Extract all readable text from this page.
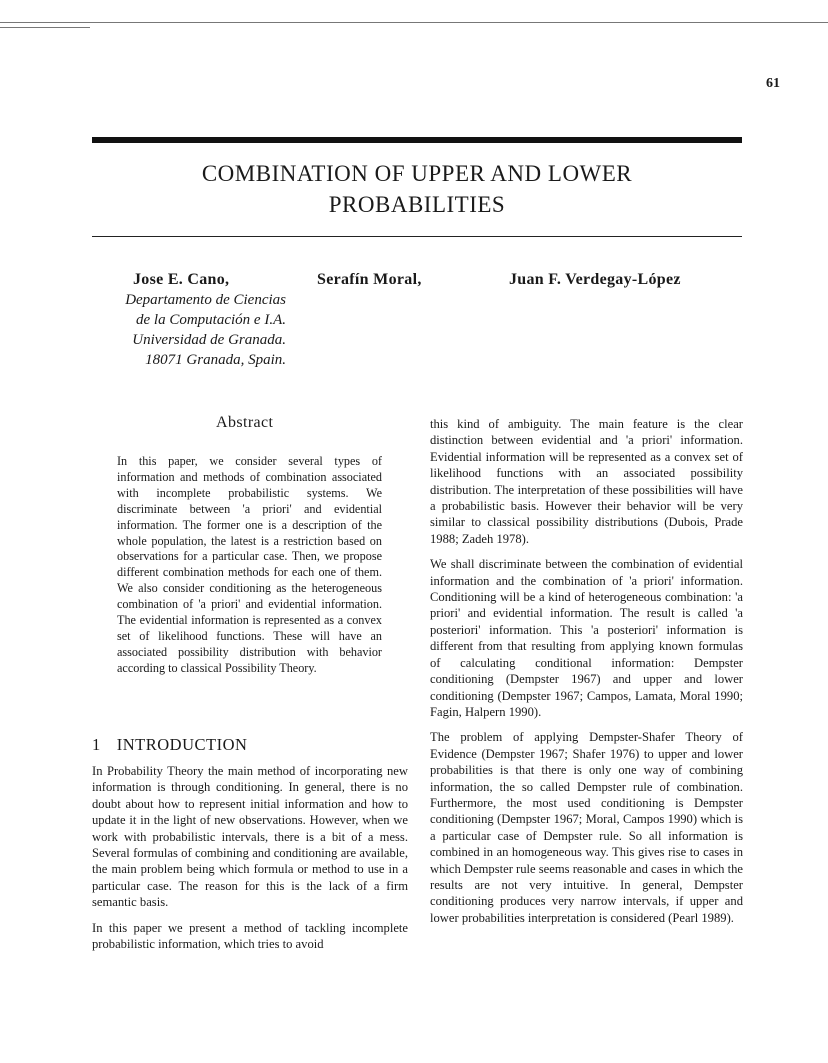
61
COMBINATION OF UPPER AND LOWER
PROBABILITIES
Jose E. Cano,	Serafín Moral,	Juan F. Verdegay-López
Departamento de Ciencias
de la Computación e I.A.
Universidad de Granada.
18071 Granada, Spain.
Abstract
In this paper, we consider several types of information and methods of combination associated with incomplete probabilistic systems. We discriminate between 'a priori' and evidential information. The former one is a description of the whole population, the latest is a restriction based on observations for a particular case. Then, we propose different combination methods for each one of them. We also consider conditioning as the heterogeneous combination of 'a priori' and evidential information. The evidential information is represented as a convex set of likelihood functions. These will have an associated possibility distribution with behavior according to classical Possibility Theory.
1 INTRODUCTION

In Probability Theory the main method of incorporating new information is through conditioning. In general, there is no doubt about how to represent initial information and how to update it in the light of new observations. However, when we work with probabilistic intervals, there is a bit of a mess. Several formulas of combining and conditioning are available, the main problem being which formula or method to use in a particular case. The reason for this is the lack of a firm semantic basis.

In this paper we present a method of tackling incomplete probabilistic information, which tries to avoid

this kind of ambiguity. The main feature is the clear distinction between evidential and 'a priori' information. Evidential information will be represented as a convex set of likelihood functions with an associated possibility distribution. The interpretation of these possibilities will have a probabilistic basis. However their behavior will be very similar to classical possibility distributions (Dubois, Prade 1988; Zadeh 1978).

We shall discriminate between the combination of evidential information and the combination of 'a priori' information. Conditioning will be a kind of heterogeneous combination: 'a priori' and evidential information. The result is called 'a posteriori' information. This 'a posteriori' information is different from that resulting from applying known formulas of calculating conditional information: Dempster conditioning (Dempster 1967) and upper and lower conditioning (Dempster 1967; Campos, Lamata, Moral 1990; Fagin, Halpern 1990).

The problem of applying Dempster-Shafer Theory of Evidence (Dempster 1967; Shafer 1976) to upper and lower probabilities is that there is only one way of combining information, the so called Dempster rule of combination. Furthermore, the most used conditioning is Dempster conditioning (Dempster 1967; Moral, Campos 1990) which is a particular case of Dempster rule. So all information is combined in an homogeneous way. This gives rise to cases in which Dempster rule seems reasonable and cases in which the results are not very intuitive. In general, Dempster conditioning produces very narrow intervals, if upper and lower probabilities interpretation is considered (Pearl 1989).
